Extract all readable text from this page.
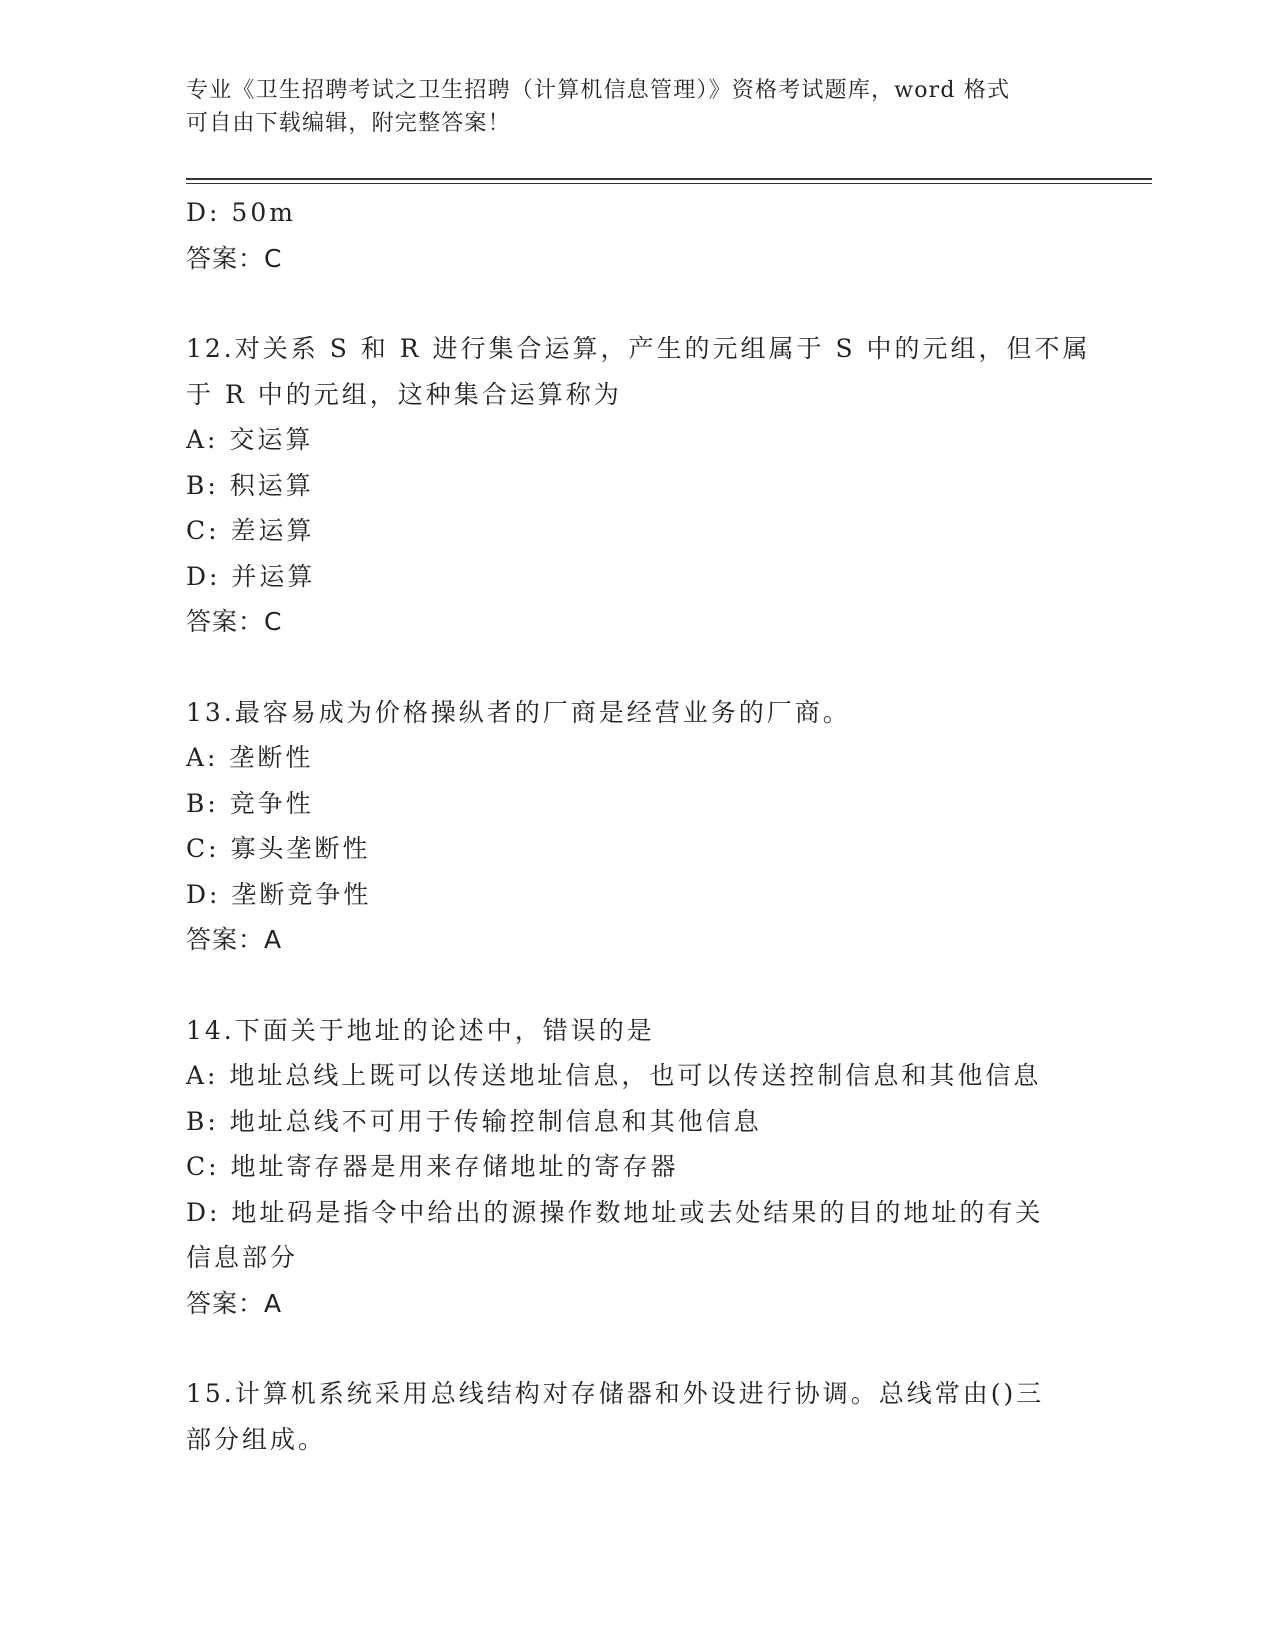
专业《卫生招聘考试之卫生招聘（计算机信息管理）》资格考试题库，word 格式
可自由下载编辑，附完整答案！
D: 50m
答案：C
12.对关系 S 和 R 进行集合运算，产生的元组属于 S 中的元组，但不属
于 R 中的元组，这种集合运算称为
A: 交运算
B: 积运算
C: 差运算
D: 并运算
答案：C
13.最容易成为价格操纵者的厂商是经营业务的厂商。
A: 垄断性
B: 竞争性
C: 寡头垄断性
D: 垄断竞争性
答案：A
14.下面关于地址的论述中，错误的是
A: 地址总线上既可以传送地址信息，也可以传送控制信息和其他信息
B: 地址总线不可用于传输控制信息和其他信息
C: 地址寄存器是用来存储地址的寄存器
D: 地址码是指令中给出的源操作数地址或去处结果的目的地址的有关
信息部分
答案：A
15.计算机系统采用总线结构对存储器和外设进行协调。总线常由()三
部分组成。
